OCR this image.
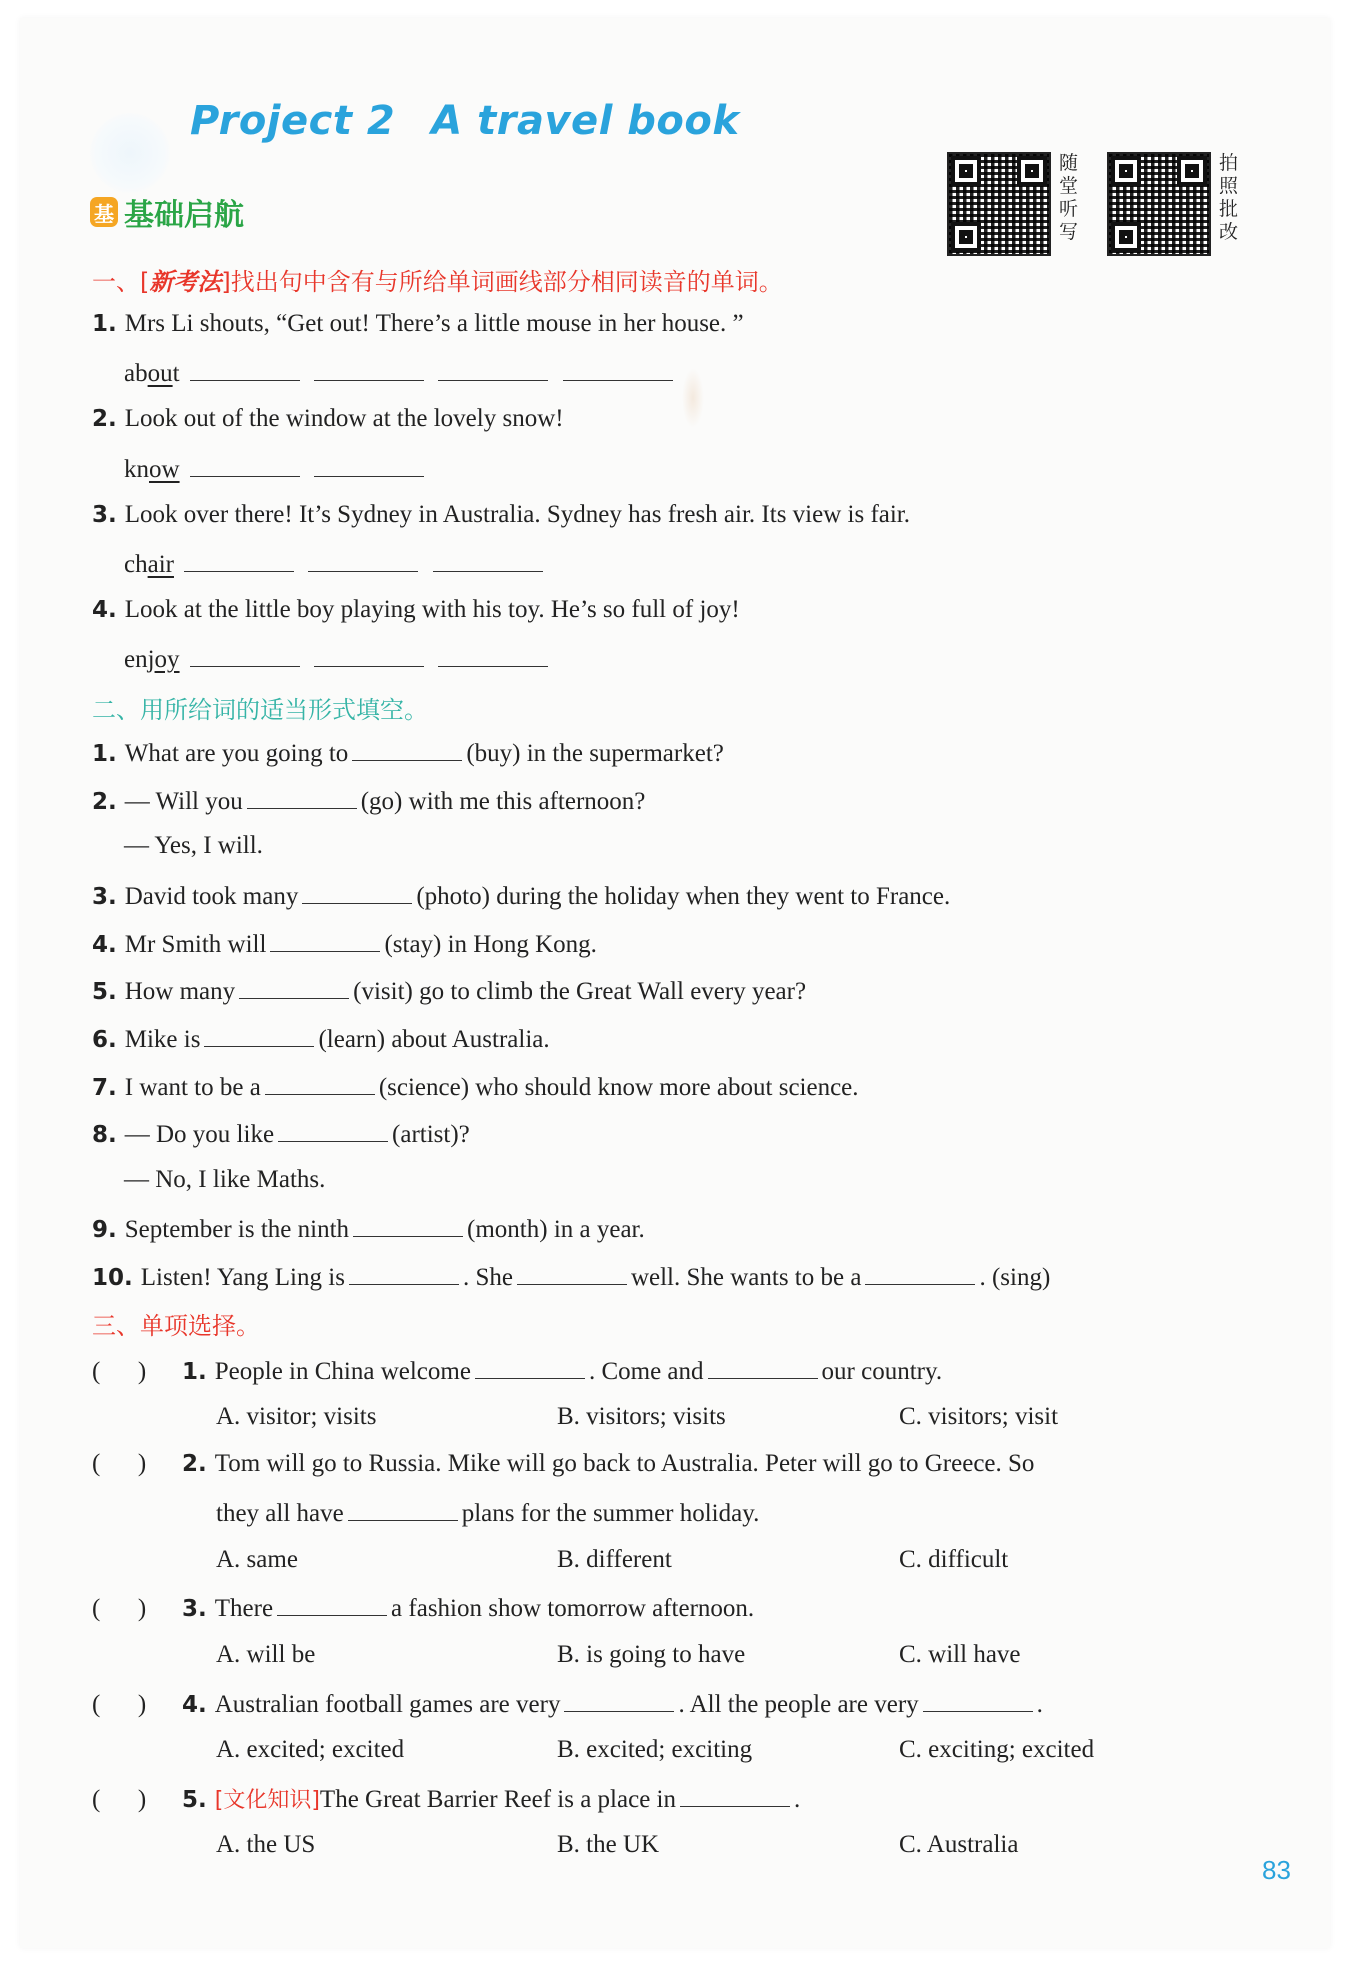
Project 2 A travel book
基 基础启航
随堂听写
拍照批改
一、[新考法]找出句中含有与所给单词画线部分相同读音的单词。
1. Mrs Li shouts, “Get out! There’s a little mouse in her house. ”
about
2. Look out of the window at the lovely snow!
know
3. Look over there! It’s Sydney in Australia. Sydney has fresh air. Its view is fair.
chair
4. Look at the little boy playing with his toy. He’s so full of joy!
enjoy
二、用所给词的适当形式填空。
1. What are you going to	(buy) in the supermarket?
2. — Will you	(go) with me this afternoon?
— Yes, I will.
3. David took many	(photo) during the holiday when they went to France.
4. Mr Smith will	(stay) in Hong Kong.
5. How many	(visit) go to climb the Great Wall every year?
6. Mike is	(learn) about Australia.
7. I want to be a	(science) who should know more about science.
8. — Do you like	(artist)?
— No, I like Maths.
9. September is the ninth	(month) in a year.
10. Listen! Yang Ling is	. She	well. She wants to be a	. (sing)
三、单项选择。
(      ) 1. People in China welcome	. Come and	our country.
A. visitor; visits	B. visitors; visits	C. visitors; visit
(      ) 2. Tom will go to Russia. Mike will go back to Australia. Peter will go to Greece. So
they all have	plans for the summer holiday.
A. same	B. different	C. difficult
(      ) 3. There	a fashion show tomorrow afternoon.
A. will be	B. is going to have	C. will have
(      ) 4. Australian football games are very	. All the people are very	.
A. excited; excited	B. excited; exciting	C. exciting; excited
(      ) 5. [文化知识]The Great Barrier Reef is a place in	.
A. the US	B. the UK	C. Australia
83
